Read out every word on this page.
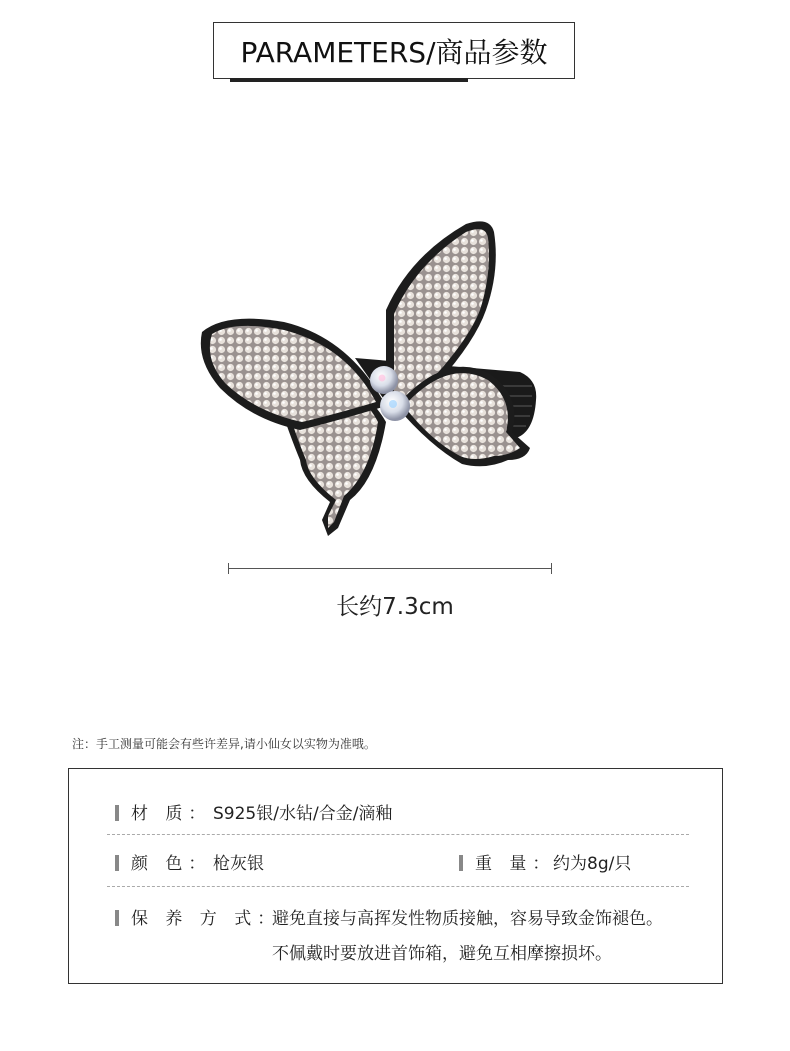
PARAMETERS/商品参数
长约7.3cm
注：手工测量可能会有些许差异,请小仙女以实物为准哦。
材 质： S925银/水钻/合金/滴釉
颜 色： 枪灰银	重 量：
约为8g/只
保 养 方 式：
避免直接与高挥发性物质接触，容易导致金饰褪色。
不佩戴时要放进首饰箱，避免互相摩擦损坏。
